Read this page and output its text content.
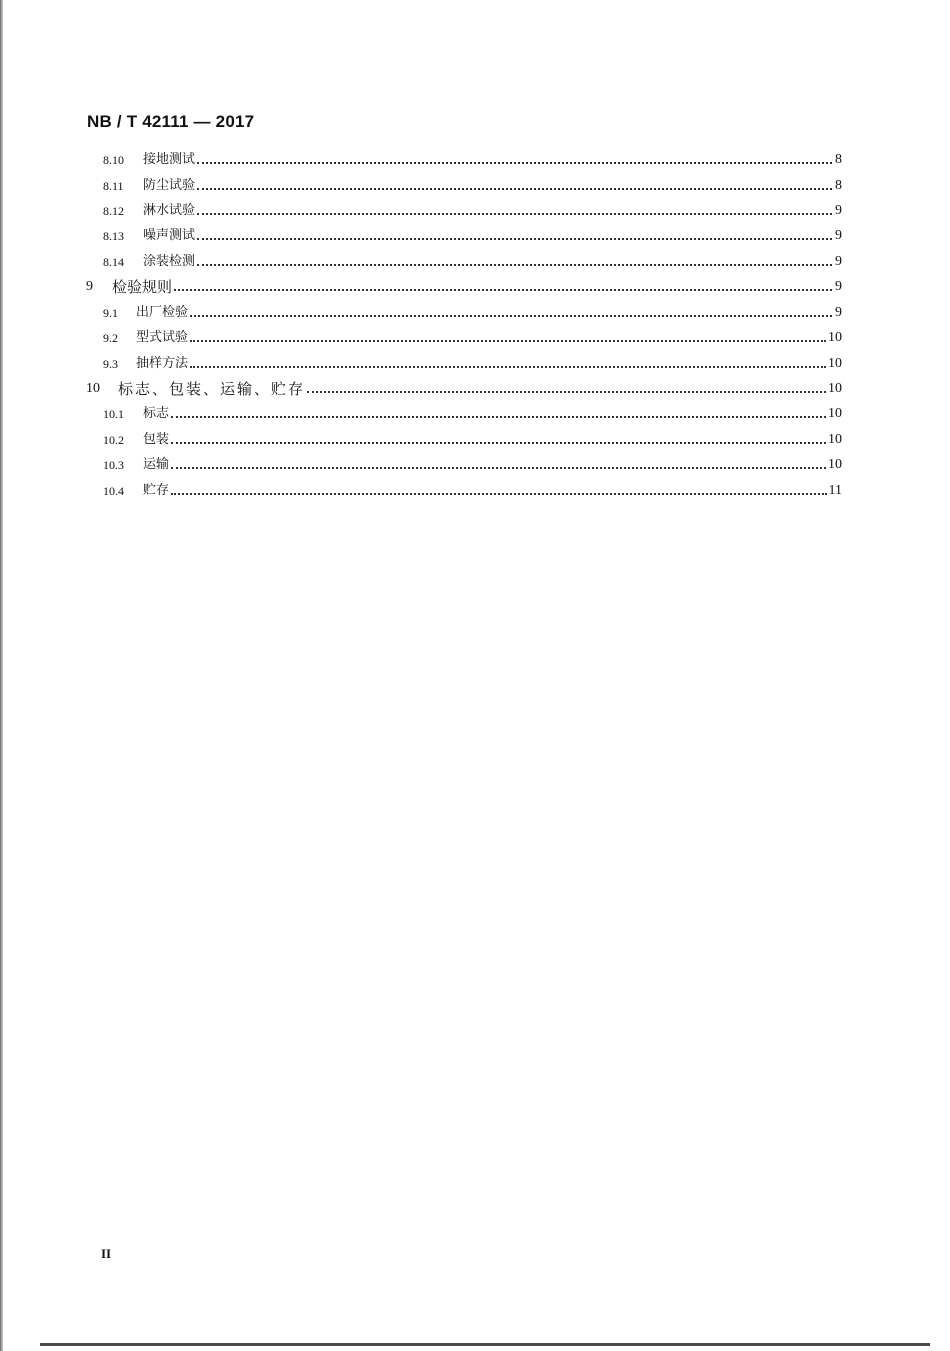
NB / T 42111 — 2017
8.10	接地测试	8
8.11	防尘试验	8
8.12	淋水试验	9
8.13	噪声测试	9
8.14	涂装检测	9
9	检验规则	9
9.1	出厂检验	9
9.2	型式试验	10
9.3	抽样方法	10
10	标志、包装、运输、贮存	10
10.1	标志	10
10.2	包装	10
10.3	运输	10
10.4	贮存	11
II
